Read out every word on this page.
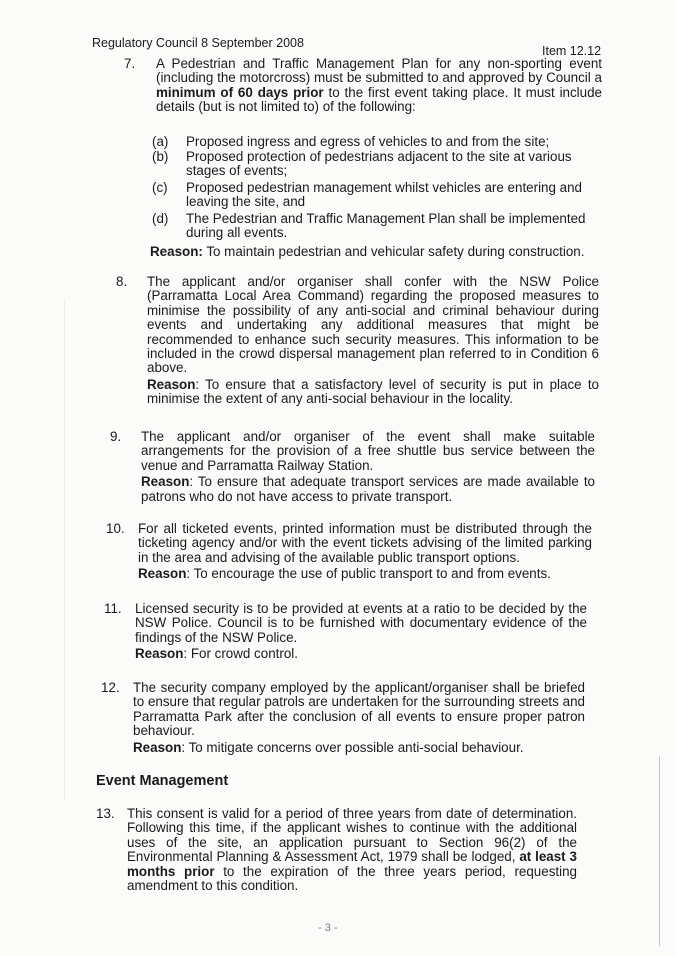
Regulatory Council 8 September 2008
Item 12.12
7. A Pedestrian and Traffic Management Plan for any non-sporting event (including the motorcross) must be submitted to and approved by Council a minimum of 60 days prior to the first event taking place. It must include details (but is not limited to) of the following:

(a) Proposed ingress and egress of vehicles to and from the site;
(b) Proposed protection of pedestrians adjacent to the site at various stages of events;
(c) Proposed pedestrian management whilst vehicles are entering and leaving the site, and
(d) The Pedestrian and Traffic Management Plan shall be implemented during all events.

Reason: To maintain pedestrian and vehicular safety during construction.

8. The applicant and/or organiser shall confer with the NSW Police (Parramatta Local Area Command) regarding the proposed measures to minimise the possibility of any anti-social and criminal behaviour during events and undertaking any additional measures that might be recommended to enhance such security measures. This information to be included in the crowd dispersal management plan referred to in Condition 6 above.

Reason: To ensure that a satisfactory level of security is put in place to minimise the extent of any anti-social behaviour in the locality.

9. The applicant and/or organiser of the event shall make suitable arrangements for the provision of a free shuttle bus service between the venue and Parramatta Railway Station.

Reason: To ensure that adequate transport services are made available to patrons who do not have access to private transport.

10. For all ticketed events, printed information must be distributed through the ticketing agency and/or with the event tickets advising of the limited parking in the area and advising of the available public transport options.

Reason: To encourage the use of public transport to and from events.

11. Licensed security is to be provided at events at a ratio to be decided by the NSW Police. Council is to be furnished with documentary evidence of the findings of the NSW Police.

Reason: For crowd control.

12. The security company employed by the applicant/organiser shall be briefed to ensure that regular patrols are undertaken for the surrounding streets and Parramatta Park after the conclusion of all events to ensure proper patron behaviour.

Reason: To mitigate concerns over possible anti-social behaviour.

Event Management
13. This consent is valid for a period of three years from date of determination. Following this time, if the applicant wishes to continue with the additional uses of the site, an application pursuant to Section 96(2) of the Environmental Planning & Assessment Act, 1979 shall be lodged, at least 3 months prior to the expiration of the three years period, requesting amendment to this condition.

- 3 -
